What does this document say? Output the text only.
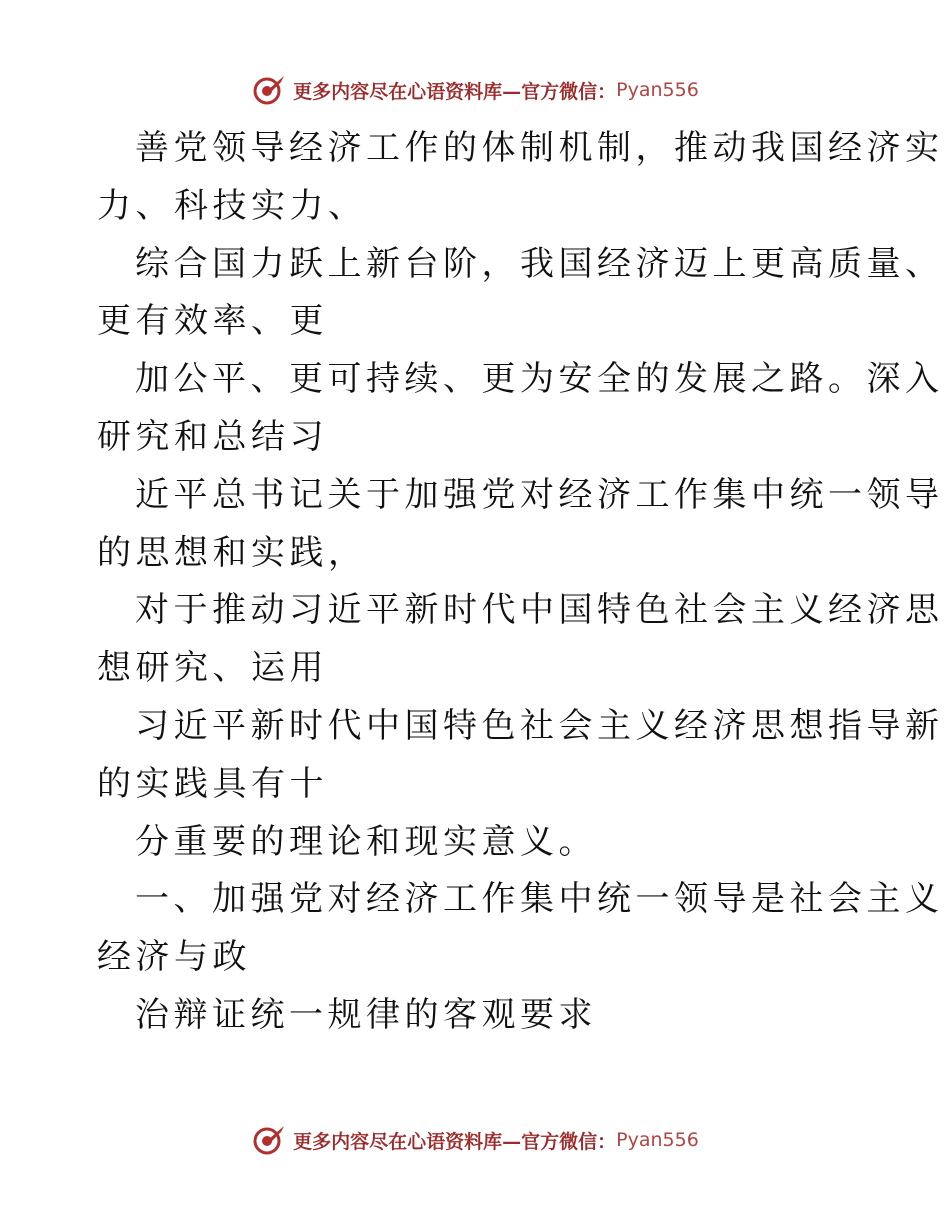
更多内容尽在心语资料库—官方微信： Pyan556
善党领导经济工作的体制机制，推动我国经济实
力、科技实力、
综合国力跃上新台阶，我国经济迈上更高质量、
更有效率、更
加公平、更可持续、更为安全的发展之路。深入
研究和总结习
近平总书记关于加强党对经济工作集中统一领导
的思想和实践，
对于推动习近平新时代中国特色社会主义经济思
想研究、运用
习近平新时代中国特色社会主义经济思想指导新
的实践具有十
分重要的理论和现实意义。
一、加强党对经济工作集中统一领导是社会主义
经济与政
治辩证统一规律的客观要求
更多内容尽在心语资料库—官方微信： Pyan556
